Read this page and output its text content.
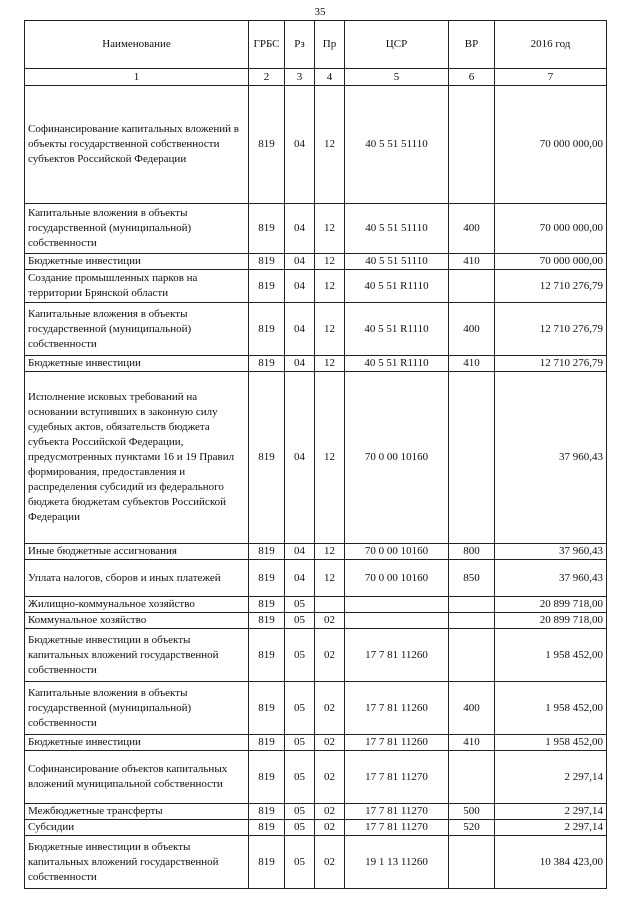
35
Наименование	ГРБС	Рз	Пр	ЦСР	ВР	2016 год
1	2	3	4	5	6	7
Софинансирование капитальных вложений в объекты государственной собственности субъектов Российской Федерации	819	04	12	40 5 51 51110		70 000 000,00
Капитальные вложения в объекты государственной (муниципальной) собственности	819	04	12	40 5 51 51110	400	70 000 000,00
Бюджетные инвестиции	819	04	12	40 5 51 51110	410	70 000 000,00
Создание промышленных парков на территории Брянской области	819	04	12	40 5 51 R1110		12 710 276,79
Капитальные вложения в объекты государственной (муниципальной) собственности	819	04	12	40 5 51 R1110	400	12 710 276,79
Бюджетные инвестиции	819	04	12	40 5 51 R1110	410	12 710 276,79
Исполнение исковых требований на основании вступивших в законную силу судебных актов, обязательств бюджета субъекта Российской Федерации, предусмотренных пунктами 16 и 19 Правил формирования, предоставления и распределения субсидий из федерального бюджета бюджетам субъектов Российской Федерации	819	04	12	70 0 00 10160		37 960,43
Иные бюджетные ассигнования	819	04	12	70 0 00 10160	800	37 960,43
Уплата налогов, сборов и иных платежей	819	04	12	70 0 00 10160	850	37 960,43
Жилищно-коммунальное хозяйство	819	05				20 899 718,00
Коммунальное хозяйство	819	05	02			20 899 718,00
Бюджетные инвестиции в объекты капитальных вложений государственной собственности	819	05	02	17 7 81 11260		1 958 452,00
Капитальные вложения в объекты государственной (муниципальной) собственности	819	05	02	17 7 81 11260	400	1 958 452,00
Бюджетные инвестиции	819	05	02	17 7 81 11260	410	1 958 452,00
Софинансирование объектов капитальных вложений муниципальной собственности	819	05	02	17 7 81 11270		2 297,14
Межбюджетные трансферты	819	05	02	17 7 81 11270	500	2 297,14
Субсидии	819	05	02	17 7 81 11270	520	2 297,14
Бюджетные инвестиции в объекты капитальных вложений государственной собственности	819	05	02	19 1 13 11260		10 384 423,00
